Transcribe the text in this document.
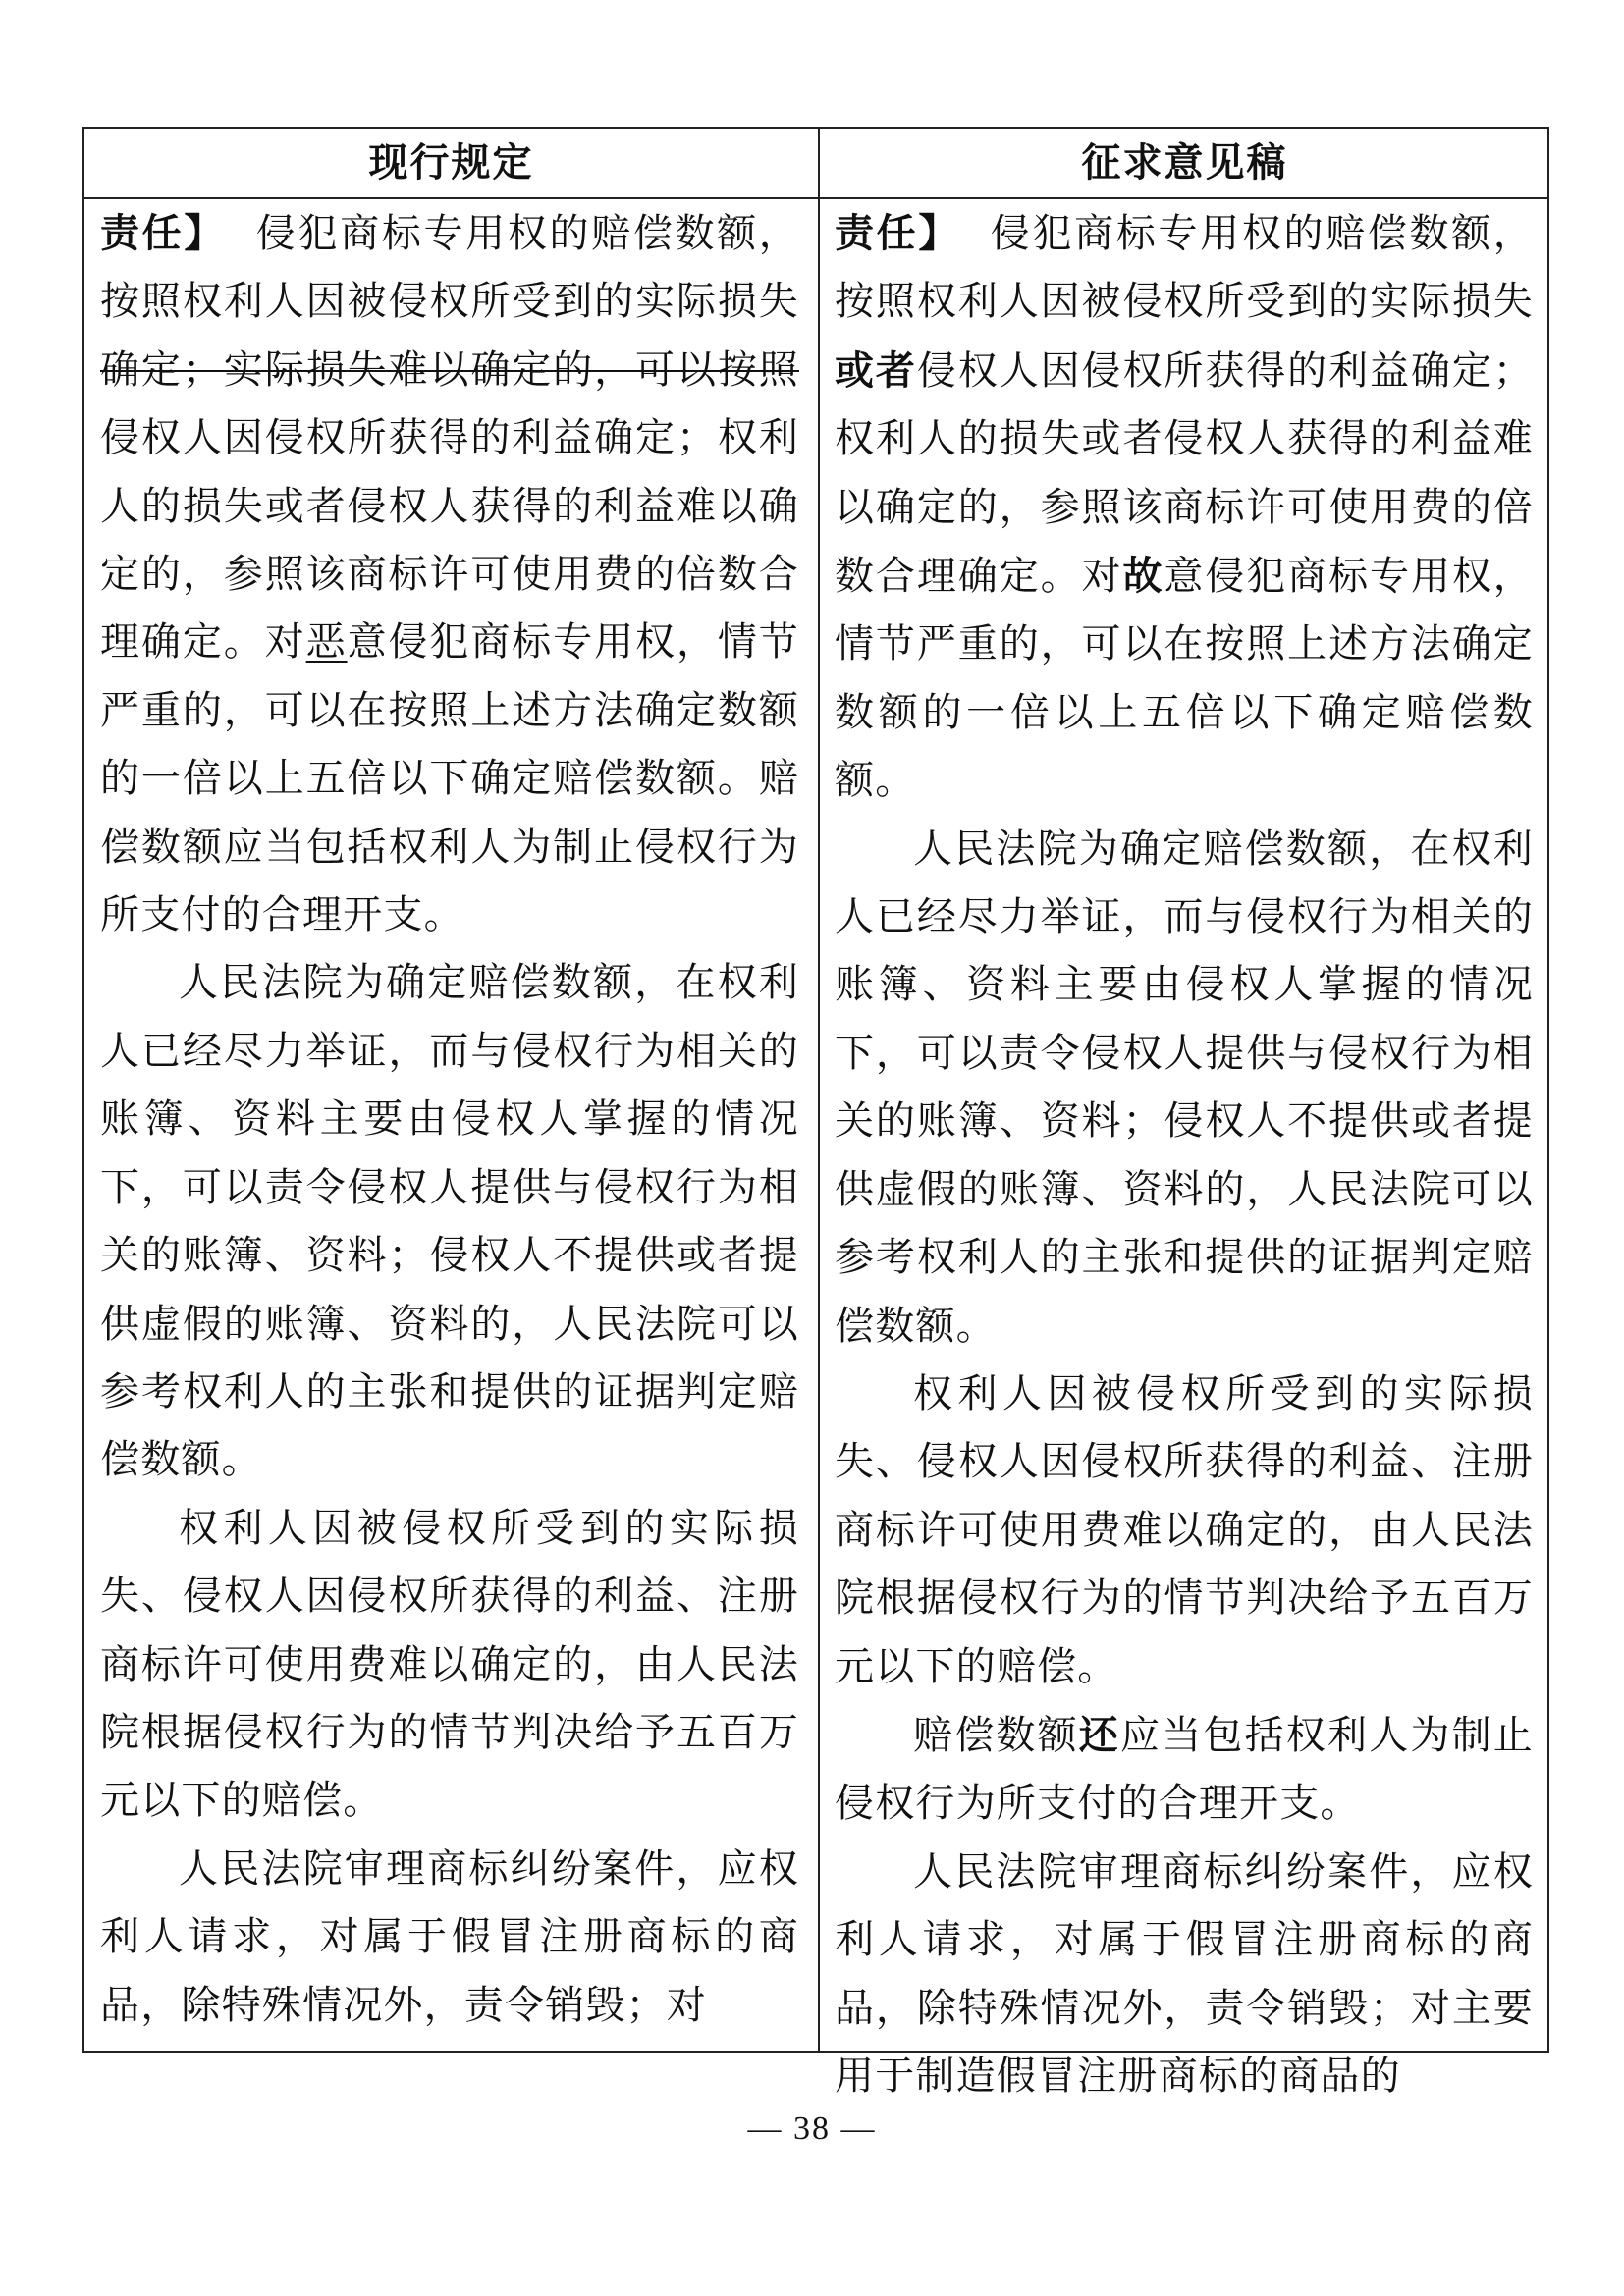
现行规定	征求意见稿

责任】 侵犯商标专用权的赔偿数额，按照权利人因被侵权所受到的实际损失确定；实际损失难以确定的，可以按照侵权人因侵权所获得的利益确定；权利人的损失或者侵权人获得的利益难以确定的，参照该商标许可使用费的倍数合理确定。对恶意侵犯商标专用权，情节严重的，可以在按照上述方法确定数额的一倍以上五倍以下确定赔偿数额。赔偿数额应当包括权利人为制止侵权行为所支付的合理开支。

人民法院为确定赔偿数额，在权利人已经尽力举证，而与侵权行为相关的账簿、资料主要由侵权人掌握的情况下，可以责令侵权人提供与侵权行为相关的账簿、资料；侵权人不提供或者提供虚假的账簿、资料的，人民法院可以参考权利人的主张和提供的证据判定赔偿数额。

权利人因被侵权所受到的实际损失、侵权人因侵权所获得的利益、注册商标许可使用费难以确定的，由人民法院根据侵权行为的情节判决给予五百万元以下的赔偿。

人民法院审理商标纠纷案件，应权利人请求，对属于假冒注册商标的商品，除特殊情况外，责令销毁；对

责任】 侵犯商标专用权的赔偿数额，按照权利人因被侵权所受到的实际损失或者侵权人因侵权所获得的利益确定；权利人的损失或者侵权人获得的利益难以确定的，参照该商标许可使用费的倍数合理确定。对故意侵犯商标专用权，情节严重的，可以在按照上述方法确定数额的一倍以上五倍以下确定赔偿数额。

人民法院为确定赔偿数额，在权利人已经尽力举证，而与侵权行为相关的账簿、资料主要由侵权人掌握的情况下，可以责令侵权人提供与侵权行为相关的账簿、资料；侵权人不提供或者提供虚假的账簿、资料的，人民法院可以参考权利人的主张和提供的证据判定赔偿数额。

权利人因被侵权所受到的实际损失、侵权人因侵权所获得的利益、注册商标许可使用费难以确定的，由人民法院根据侵权行为的情节判决给予五百万元以下的赔偿。

赔偿数额还应当包括权利人为制止侵权行为所支付的合理开支。

人民法院审理商标纠纷案件，应权利人请求，对属于假冒注册商标的商品，除特殊情况外，责令销毁；对主要用于制造假冒注册商标的商品的

— 38 —
